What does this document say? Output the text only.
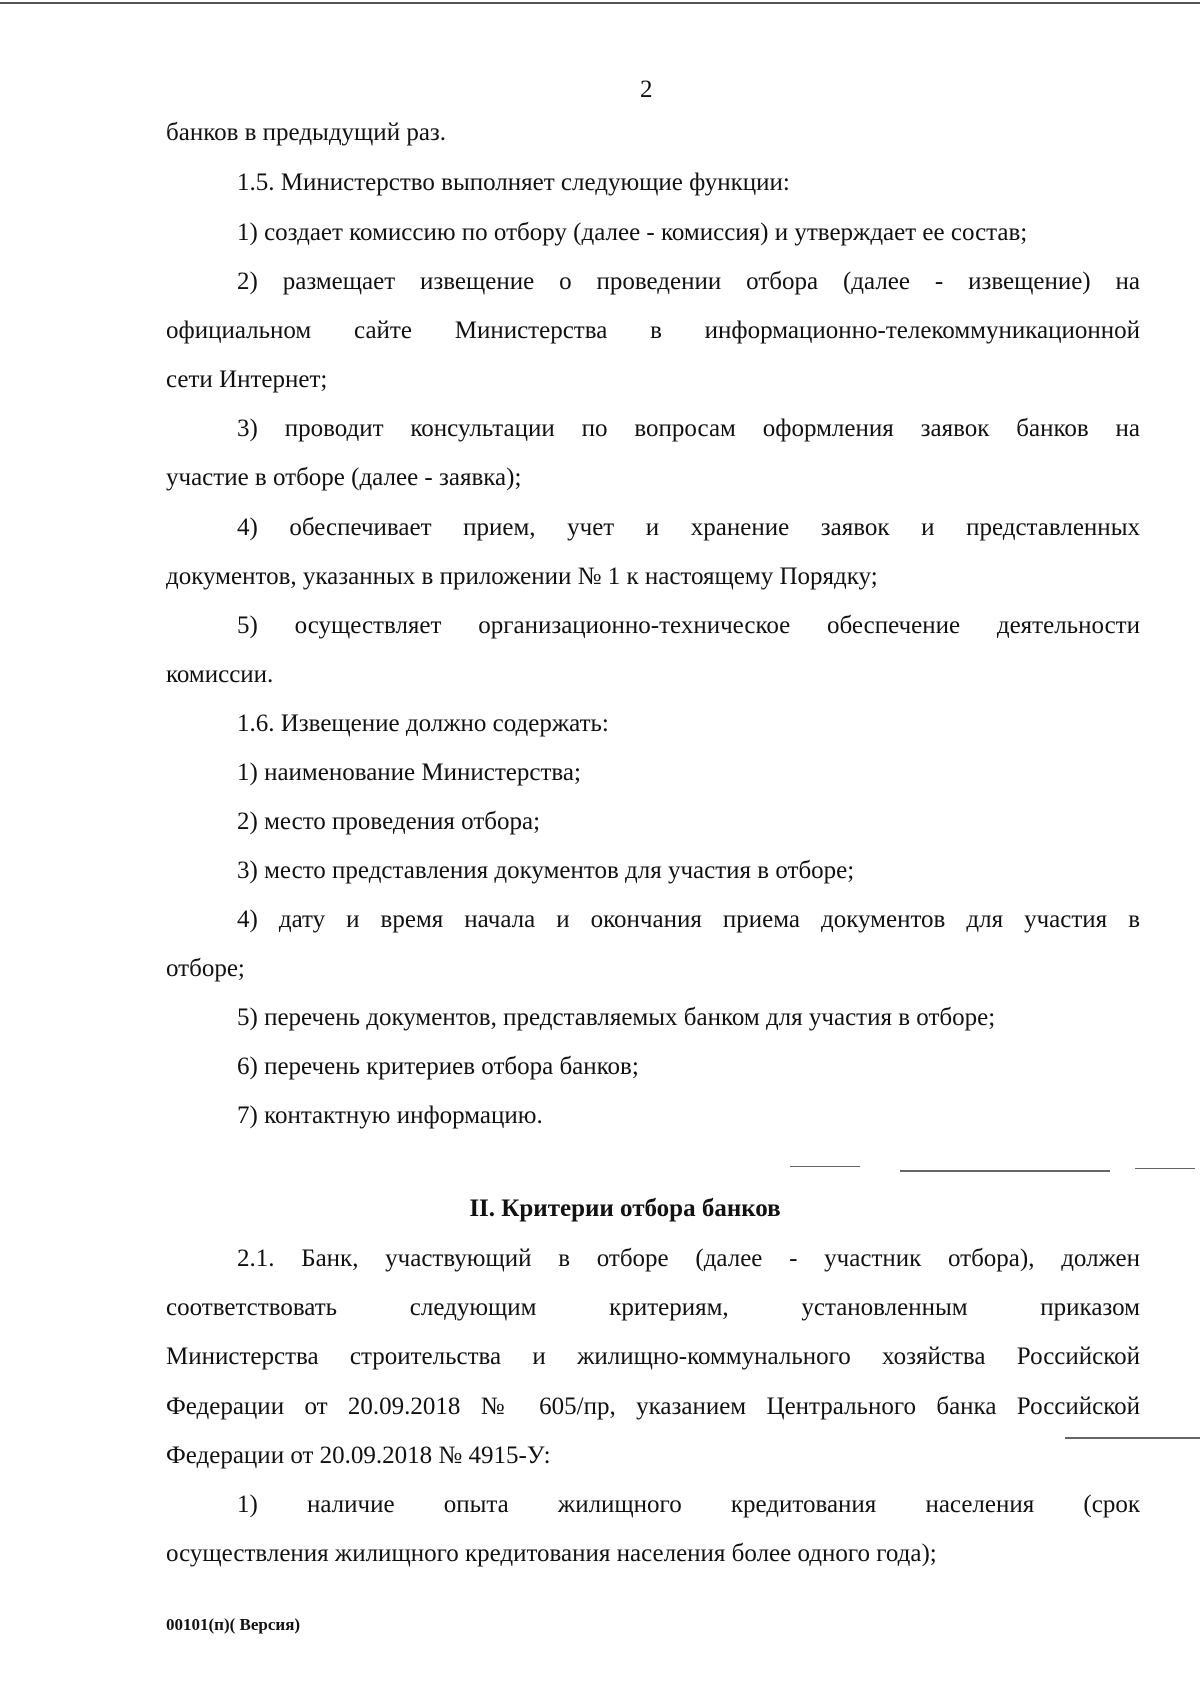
2
банков в предыдущий раз.
1.5. Министерство выполняет следующие функции:
1) создает комиссию по отбору (далее - комиссия) и утверждает ее состав;
2) размещает извещение о проведении отбора (далее - извещение) на
официальном сайте Министерства в информационно-телекоммуникационной
сети Интернет;
3) проводит консультации по вопросам оформления заявок банков на
участие в отборе (далее - заявка);
4) обеспечивает прием, учет и хранение заявок и представленных
документов, указанных в приложении № 1 к настоящему Порядку;
5) осуществляет организационно-техническое обеспечение деятельности
комиссии.
1.6. Извещение должно содержать:
1) наименование Министерства;
2) место проведения отбора;
3) место представления документов для участия в отборе;
4) дату и время начала и окончания приема документов для участия в
отборе;
5) перечень документов, представляемых банком для участия в отборе;
6) перечень критериев отбора банков;
7) контактную информацию.
II. Критерии отбора банков
2.1. Банк, участвующий в отборе (далее - участник отбора), должен
соответствовать следующим критериям, установленным приказом
Министерства строительства и жилищно-коммунального хозяйства Российской
Федерации от 20.09.2018 № 605/пр, указанием Центрального банка Российской
Федерации от 20.09.2018 № 4915-У:
1) наличие опыта жилищного кредитования населения (срок
осуществления жилищного кредитования населения более одного года);
00101(п)( Версия)
